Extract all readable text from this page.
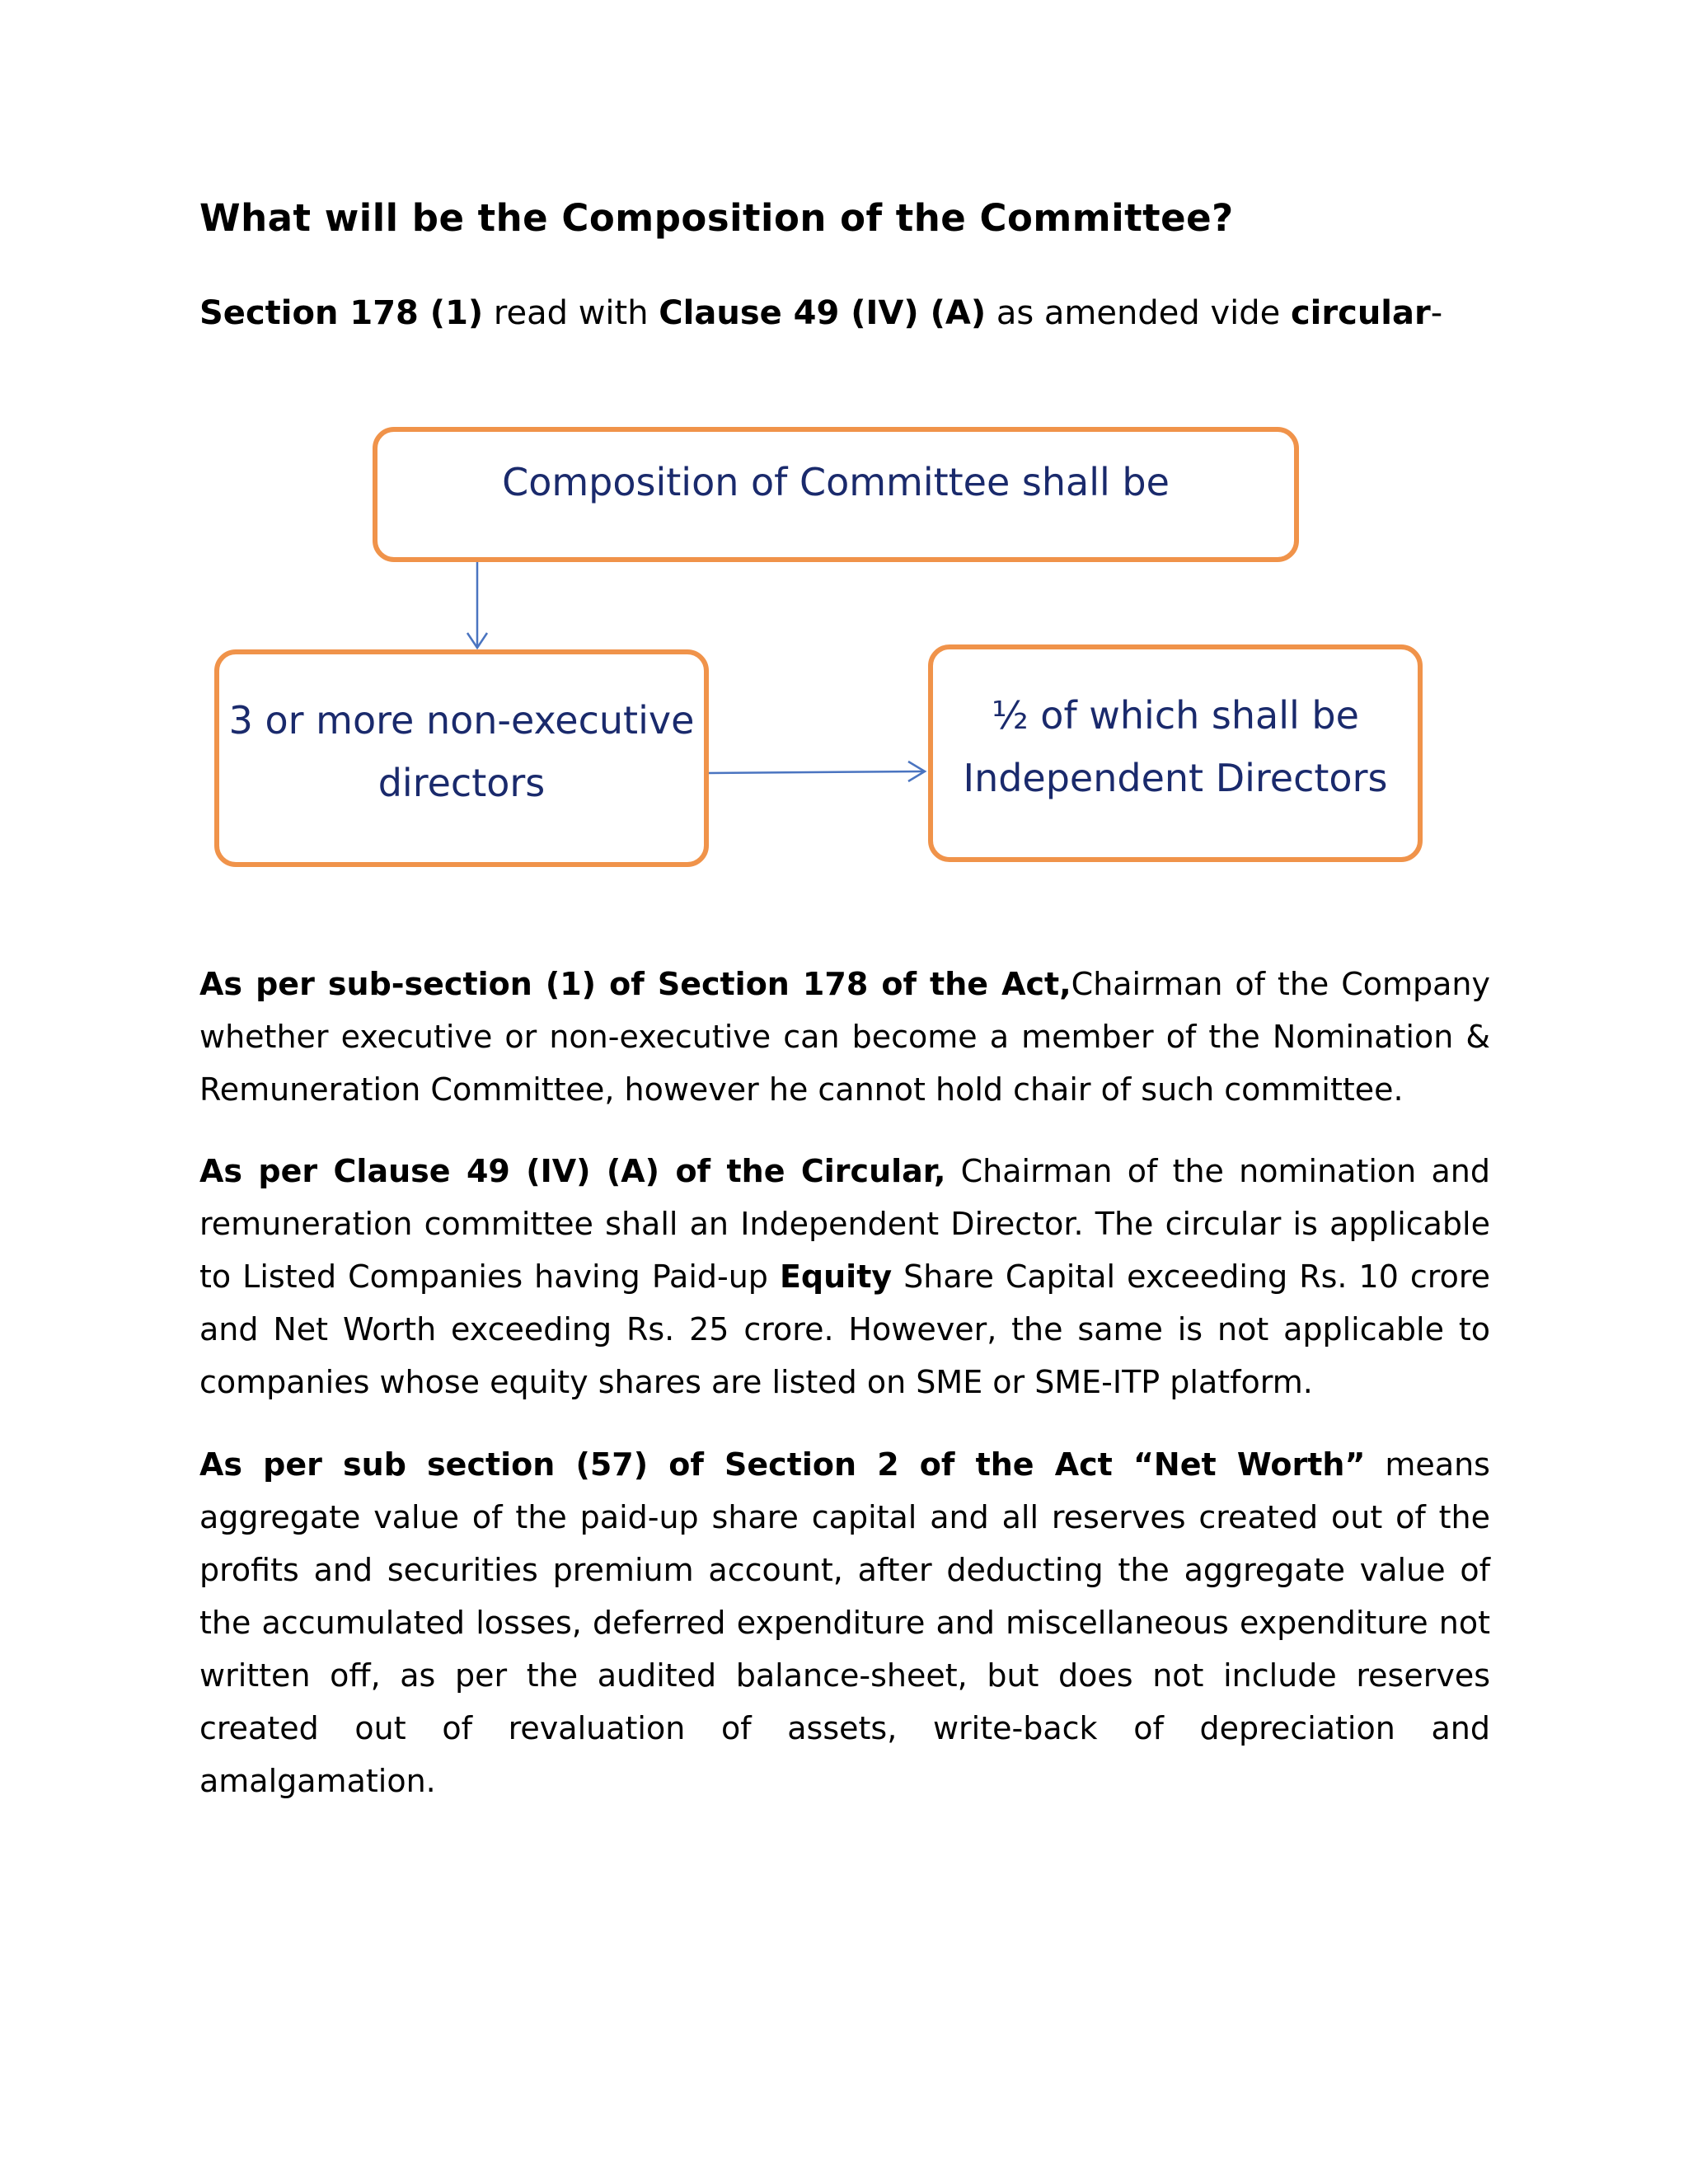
What will be the Composition of the Committee?
Section 178 (1) read with Clause 49 (IV) (A) as amended vide circular-
Composition of Committee shall be
3 or more non-executive
directors
½ of which shall be
Independent Directors
As per sub-section (1) of Section 178 of the Act,Chairman of the Company whether executive or non-executive can become a member of the Nomination & Remuneration Committee, however he cannot hold chair of such committee.
As per Clause 49 (IV) (A) of the Circular, Chairman of the nomination and remuneration committee shall an Independent Director. The circular is applicable to Listed Companies having Paid-up Equity Share Capital exceeding Rs. 10 crore and Net Worth exceeding Rs. 25 crore. However, the same is not applicable to companies whose equity shares are listed on SME or SME-ITP platform.
As per sub section (57) of Section 2 of the Act “Net Worth” means aggregate value of the paid-up share capital and all reserves created out of the profits and securities premium account, after deducting the aggregate value of the accumulated losses, deferred expenditure and miscellaneous expenditure not written off, as per the audited balance-sheet, but does not include reserves created out of revaluation of assets, write-back of depreciation and amalgamation.
